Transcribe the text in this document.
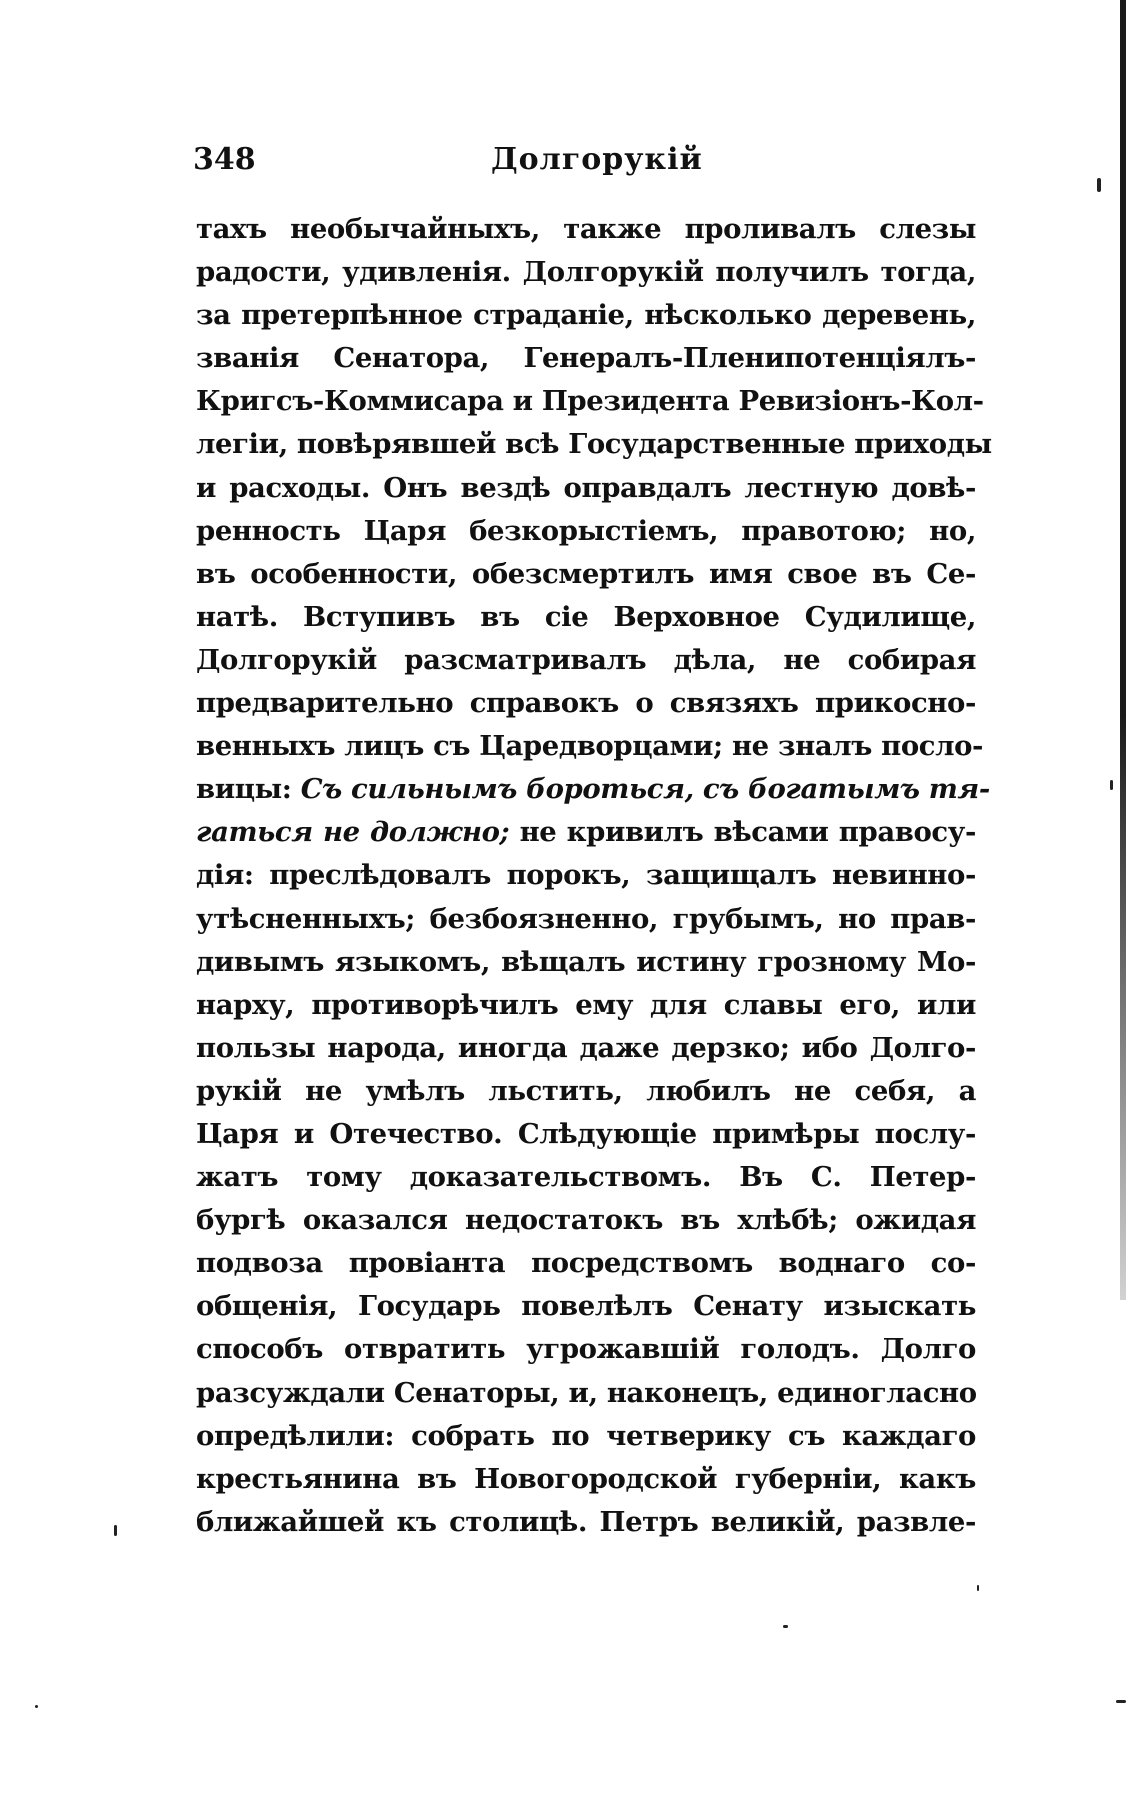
348	Долгорукій
тахъ необычайныхъ, также проливалъ слезы
радости, удивленія. Долгорукій получилъ тогда,
за претерпѣнное страданіе, нѣсколько деревень,
званія Сенатора, Генералъ-Пленипотенціялъ-
Кригсъ-Коммисара и Президента Ревизіонъ-Кол-
легіи, повѣрявшей всѣ Государственные приходы
и расходы. Онъ вездѣ оправдалъ лестную довѣ-
ренность Царя безкорыстіемъ, правотою; но,
въ особенности, обезсмертилъ имя свое въ Се-
натѣ. Вступивъ въ сіе Верховное Судилище,
Долгорукій разсматривалъ дѣла, не собирая
предварительно справокъ о связяхъ прикосно-
венныхъ лицъ съ Царедворцами; не зналъ посло-
вицы: Съ сильнымъ бороться, съ богатымъ тя-
гаться не должно; не кривилъ вѣсами правосу-
дія: преслѣдовалъ порокъ, защищалъ невинно-
утѣсненныхъ; безбоязненно, грубымъ, но прав-
дивымъ языкомъ, вѣщалъ истину грозному Мо-
нарху, противорѣчилъ ему для славы его, или
пользы народа, иногда даже дерзко; ибо Долго-
рукій не умѣлъ льстить, любилъ не себя, а
Царя и Отечество. Слѣдующіе примѣры послу-
жатъ тому доказательствомъ. Въ С. Петер-
бургѣ оказался недостатокъ въ хлѣбѣ; ожидая
подвоза провіанта посредствомъ воднаго со-
общенія, Государь повелѣлъ Сенату изыскать
способъ отвратить угрожавшій голодъ. Долго
разсуждали Сенаторы, и, наконецъ, единогласно
опредѣлили: собрать по четверику съ каждаго
крестьянина въ Новогородской губерніи, какъ
ближайшей къ столицѣ. Петръ великій, развле-
